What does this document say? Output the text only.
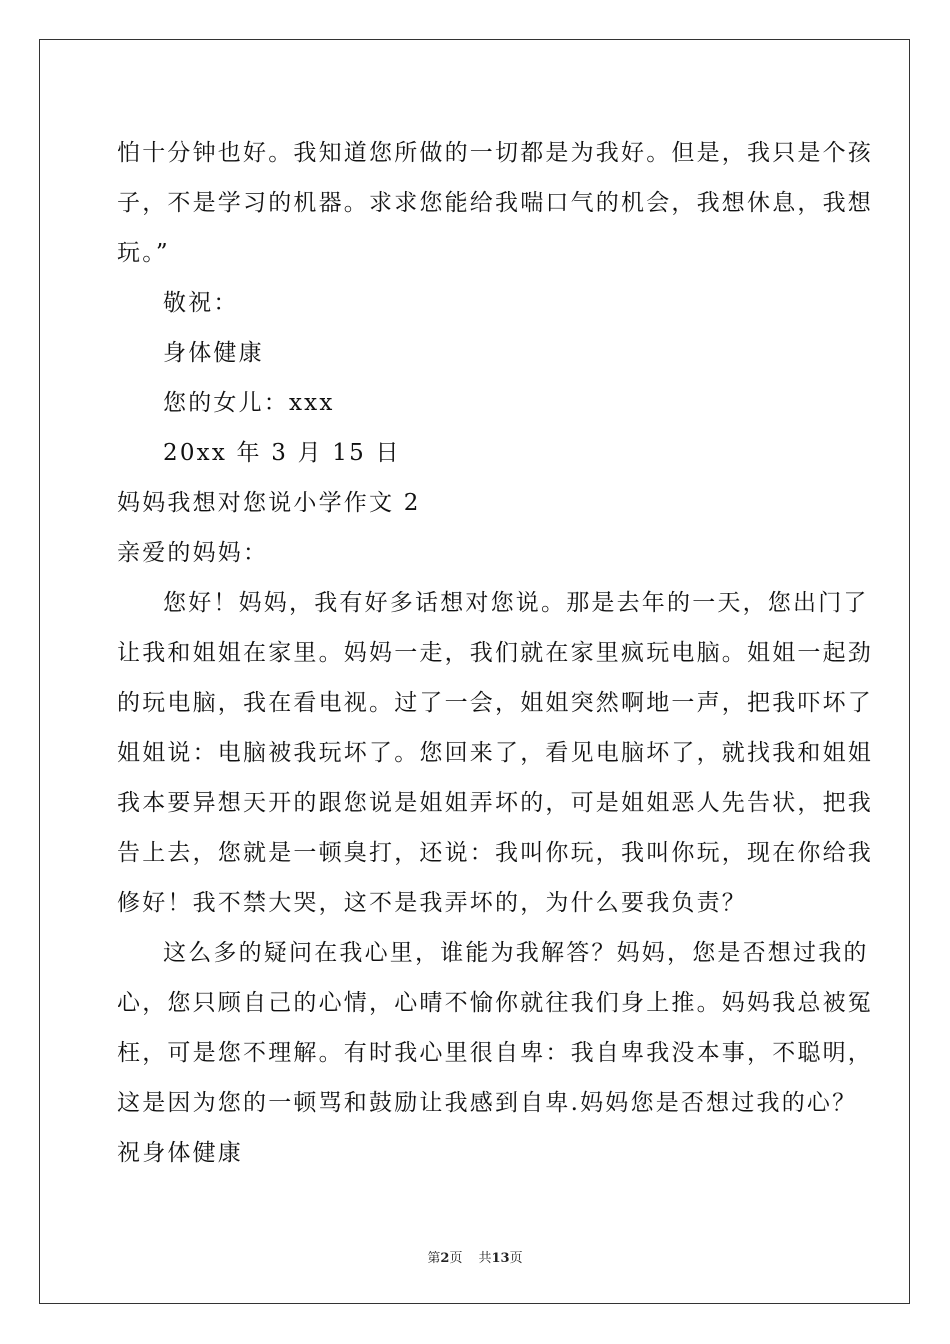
怕十分钟也好。我知道您所做的一切都是为我好。但是，我只是个孩
子，不是学习的机器。求求您能给我喘口气的机会，我想休息，我想
玩。”
敬祝：
身体健康
您的女儿：xxx
20xx 年 3 月 15 日
妈妈我想对您说小学作文 2
亲爱的妈妈：
您好！妈妈，我有好多话想对您说。那是去年的一天，您出门了
让我和姐姐在家里。妈妈一走，我们就在家里疯玩电脑。姐姐一起劲
的玩电脑，我在看电视。过了一会，姐姐突然啊地一声，把我吓坏了
姐姐说：电脑被我玩坏了。您回来了，看见电脑坏了，就找我和姐姐
我本要异想天开的跟您说是姐姐弄坏的，可是姐姐恶人先告状，把我
告上去，您就是一顿臭打，还说：我叫你玩，我叫你玩，现在你给我
修好！我不禁大哭，这不是我弄坏的，为什么要我负责？
这么多的疑问在我心里，谁能为我解答？妈妈，您是否想过我的
心，您只顾自己的心情，心晴不愉你就往我们身上推。妈妈我总被冤
枉，可是您不理解。有时我心里很自卑：我自卑我没本事，不聪明，
这是因为您的一顿骂和鼓励让我感到自卑.妈妈您是否想过我的心？
祝身体健康
第2页 共13页
